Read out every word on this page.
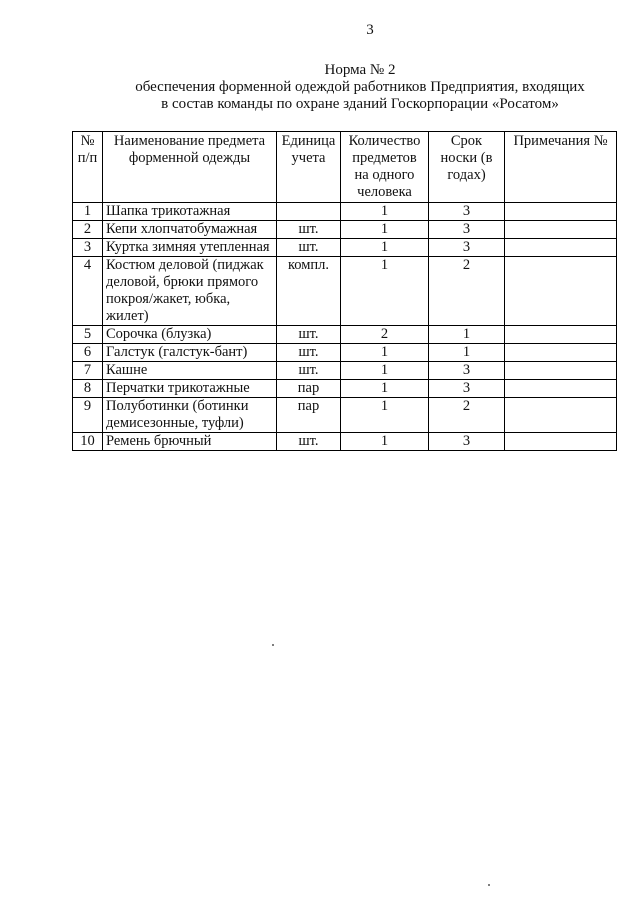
3
Норма № 2
обеспечения форменной одеждой работников Предприятия, входящих
в состав команды по охране зданий Госкорпорации «Росатом»
№ п/п	Наименование предмета форменной одежды	Единица учета	Количество предметов на одного человека	Срок носки (в годах)	Примечания №
1	Шапка трикотажная		1	3	
2	Кепи хлопчатобумажная	шт.	1	3	
3	Куртка зимняя утепленная	шт.	1	3	
4	Костюм деловой (пиджак деловой, брюки прямого покроя/жакет, юбка, жилет)	компл.	1	2	
5	Сорочка (блузка)	шт.	2	1	
6	Галстук (галстук-бант)	шт.	1	1	
7	Кашне	шт.	1	3	
8	Перчатки трикотажные	пар	1	3	
9	Полуботинки (ботинки демисезонные, туфли)	пар	1	2	
10	Ремень брючный	шт.	1	3	
